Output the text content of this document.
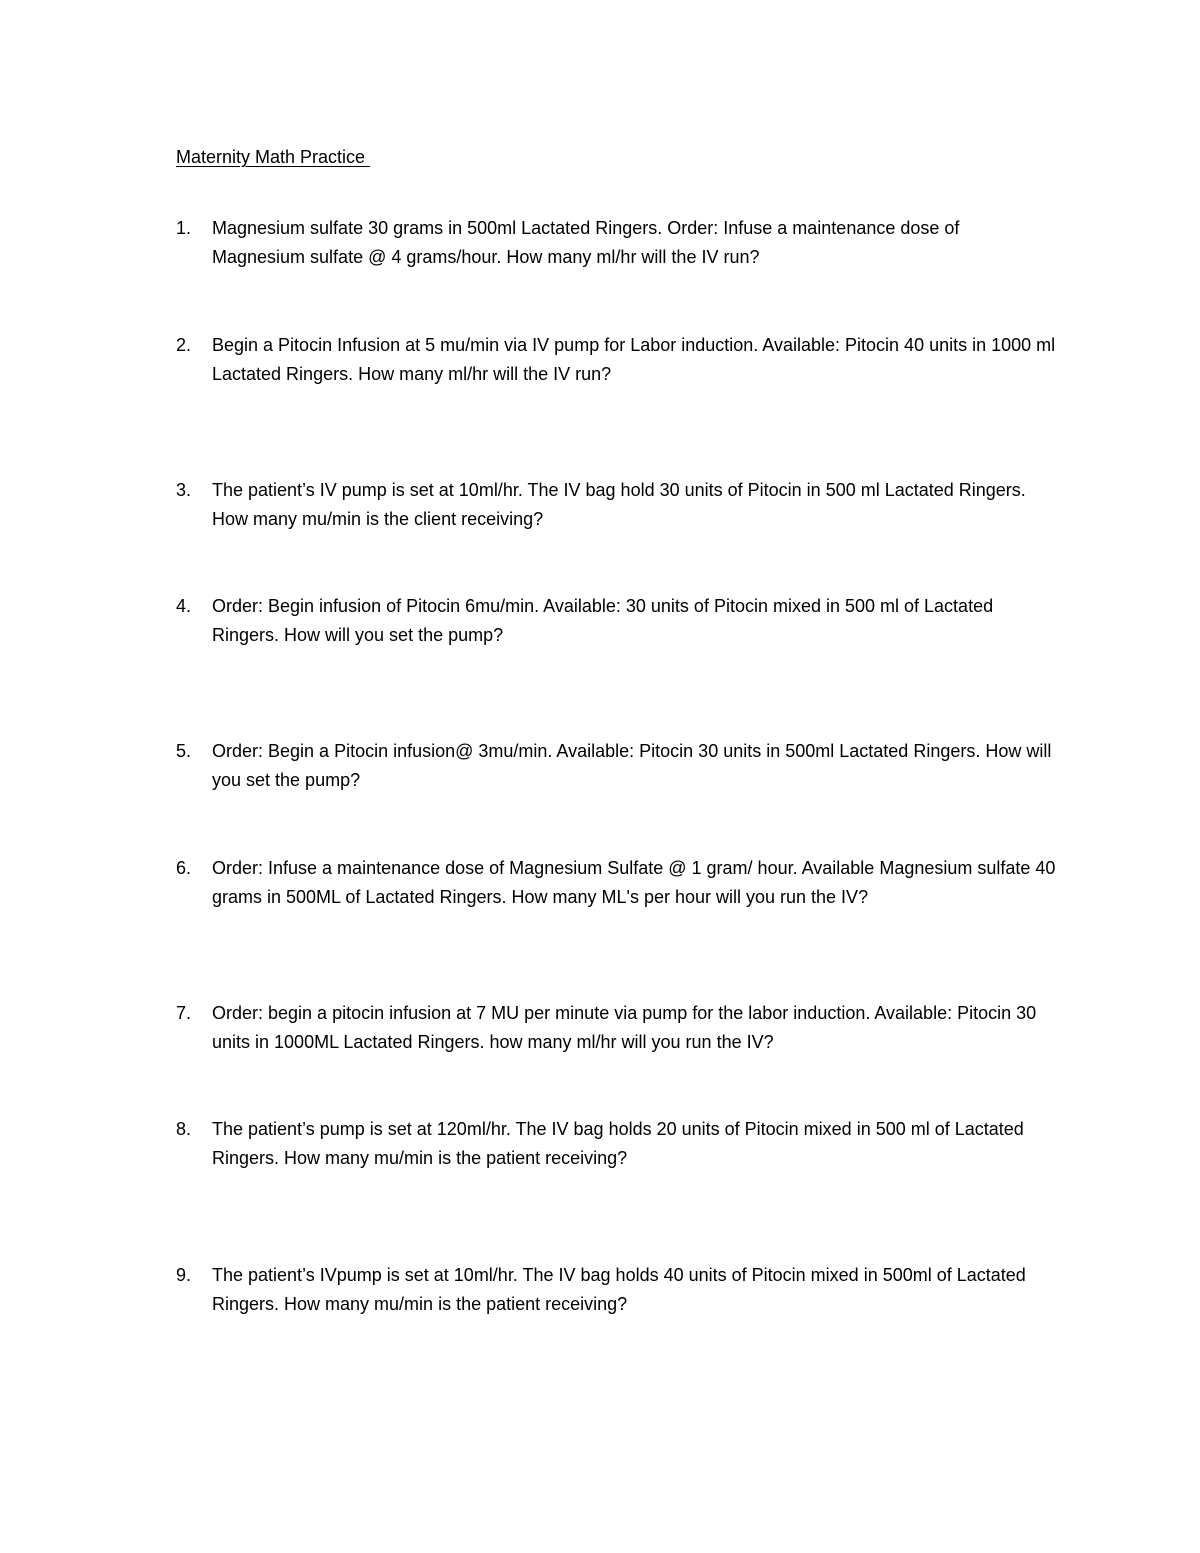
Maternity Math Practice
1.	Magnesium sulfate 30 grams in 500ml Lactated Ringers. Order: Infuse a maintenance dose of Magnesium sulfate @ 4 grams/hour. How many ml/hr will the IV run?
2.	Begin a Pitocin Infusion at 5 mu/min via IV pump for Labor induction. Available: Pitocin 40 units in 1000 ml Lactated Ringers. How many ml/hr will the IV run?
3.	The patient’s IV pump is set at 10ml/hr. The IV bag hold 30 units of Pitocin in 500 ml Lactated Ringers. How many mu/min is the client receiving?
4.	Order: Begin infusion of Pitocin 6mu/min. Available: 30 units of Pitocin mixed in 500 ml of Lactated Ringers. How will you set the pump?
5.	Order: Begin a Pitocin infusion@ 3mu/min. Available: Pitocin 30 units in 500ml Lactated Ringers. How will you set the pump?
6.	Order: Infuse a maintenance dose of Magnesium Sulfate @ 1 gram/ hour. Available Magnesium sulfate 40 grams in 500ML of Lactated Ringers. How many ML's per hour will you run the IV?
7.	Order: begin a pitocin infusion at 7 MU per minute via pump for the labor induction. Available: Pitocin 30 units in 1000ML Lactated Ringers. how many ml/hr will you run the IV?
8.	The patient’s pump is set at 120ml/hr. The IV bag holds 20 units of Pitocin mixed in 500 ml of Lactated Ringers. How many mu/min is the patient receiving?
9.	The patient’s IVpump is set at 10ml/hr. The IV bag holds 40 units of Pitocin mixed in 500ml of Lactated Ringers. How many mu/min is the patient receiving?
